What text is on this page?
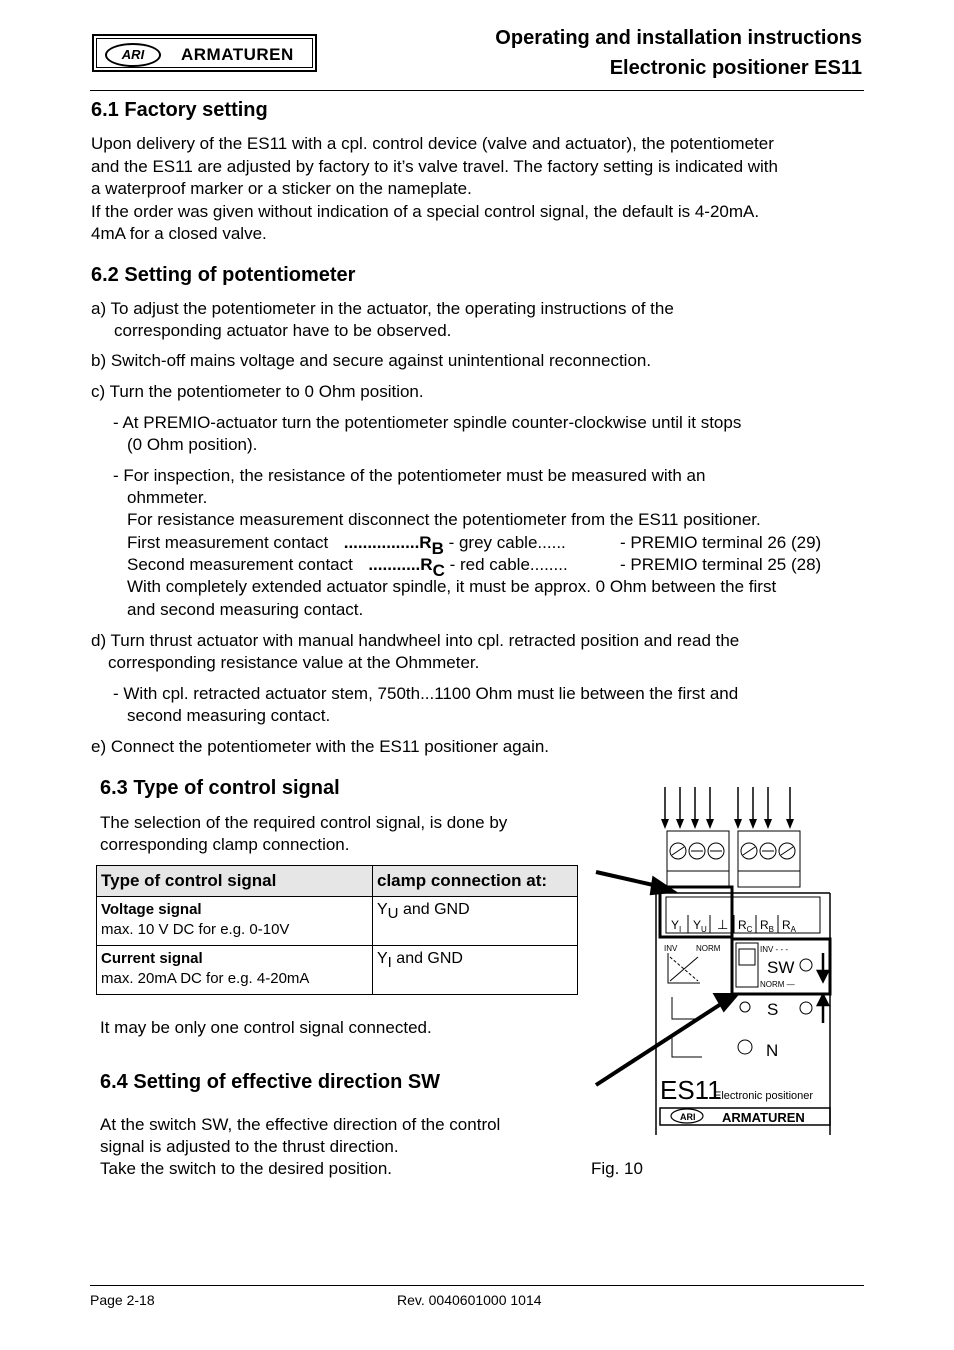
ARI	ARMATUREN
Operating and installation instructions
Electronic positioner ES11
6.1 Factory setting
Upon delivery of the ES11 with a cpl. control device (valve and actuator), the potentiometer
and the ES11 are adjusted by factory to it’s valve travel. The factory setting is indicated with
a waterproof marker or a sticker on the nameplate.
If the order was given without indication of a special control signal, the default is 4-20mA.
4mA for a closed valve.
6.2 Setting of potentiometer
a) To adjust the potentiometer in the actuator, the operating instructions of the
corresponding actuator have to be observed.
b) Switch-off mains voltage and secure against unintentional reconnection.
c) Turn the potentiometer to 0 Ohm position.
- At PREMIO-actuator turn the potentiometer spindle counter-clockwise until it stops
(0 Ohm position).
- For inspection, the resistance of the potentiometer must be measured with an
ohmmeter.
For resistance measurement disconnect the potentiometer from the ES11 positioner.
First measurement contact ................RB - grey cable......	- PREMIO terminal 26 (29)
Second measurement contact ...........RC - red cable........	- PREMIO terminal 25 (28)
With completely extended actuator spindle, it must be approx. 0 Ohm between the first
and second measuring contact.
d) Turn thrust actuator with manual handwheel into cpl. retracted position and read the
corresponding resistance value at the Ohmmeter.
- With cpl. retracted actuator stem, 750th...1100 Ohm must lie between the first and
second measuring contact.
e) Connect the potentiometer with the ES11 positioner again.
6.3 Type of control signal
The selection of the required control signal, is done by
corresponding clamp connection.
Type of control signal	clamp connection at:
Voltage signal
max. 10 V DC for e.g. 0-10V	$Y_U$ and GND
Current signal
max. 20mA DC for e.g. 4-20mA	$Y_I$ and GND
It may be only one control signal connected.
6.4 Setting of effective direction SW
At the switch SW, the effective direction of the control
signal is adjusted to the thrust direction.
Take the switch to the desired position.
$Y_I$ $Y_U$ ⊥ $R_C$ $R_B$ $R_A$
INV NORM	INV - - -
SW
NORM —
S
N
ES11
Electronic positioner
ARI ARMATUREN
Fig. 10
Page 2-18	Rev. 0040601000 1014
